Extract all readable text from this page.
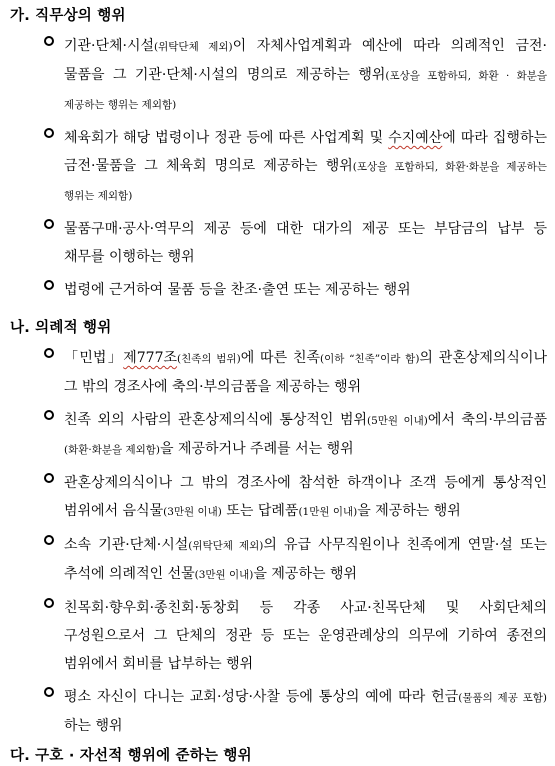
가. 직무상의 행위
기관·단체·시설(위탁단체 제외)이 자체사업계획과 예산에 따라 의례적인 금전·물품을 그 기관·단체·시설의 명의로 제공하는 행위(포상을 포함하되, 화환 · 화분을 제공하는 행위는 제외함)
체육회가 해당 법령이나 정관 등에 따른 사업계획 및 수지예산에 따라 집행하는 금전·물품을 그 체육회 명의로 제공하는 행위(포상을 포함하되, 화환·화분을 제공하는 행위는 제외함)
물품구매·공사·역무의 제공 등에 대한 대가의 제공 또는 부담금의 납부 등 채무를 이행하는 행위
법령에 근거하여 물품 등을 찬조·출연 또는 제공하는 행위
나. 의례적 행위
「민법」제777조(친족의 범위)에 따른 친족(이하 “친족”이라 함)의 관혼상제의식이나 그 밖의 경조사에 축의·부의금품을 제공하는 행위
친족 외의 사람의 관혼상제의식에 통상적인 범위(5만원 이내)에서 축의·부의금품(화환·화분을 제외함)을 제공하거나 주례를 서는 행위
관혼상제의식이나 그 밖의 경조사에 참석한 하객이나 조객 등에게 통상적인 범위에서 음식물(3만원 이내) 또는 답례품(1만원 이내)을 제공하는 행위
소속 기관·단체·시설(위탁단체 제외)의 유급 사무직원이나 친족에게 연말·설 또는 추석에 의례적인 선물(3만원 이내)을 제공하는 행위
친목회·향우회·종친회·동창회 등 각종 사교·친목단체 및 사회단체의 구성원으로서 그 단체의 정관 등 또는 운영관례상의 의무에 기하여 종전의 범위에서 회비를 납부하는 행위
평소 자신이 다니는 교회·성당·사찰 등에 통상의 예에 따라 헌금(물품의 제공 포함)하는 행위
다. 구호 · 자선적 행위에 준하는 행위
